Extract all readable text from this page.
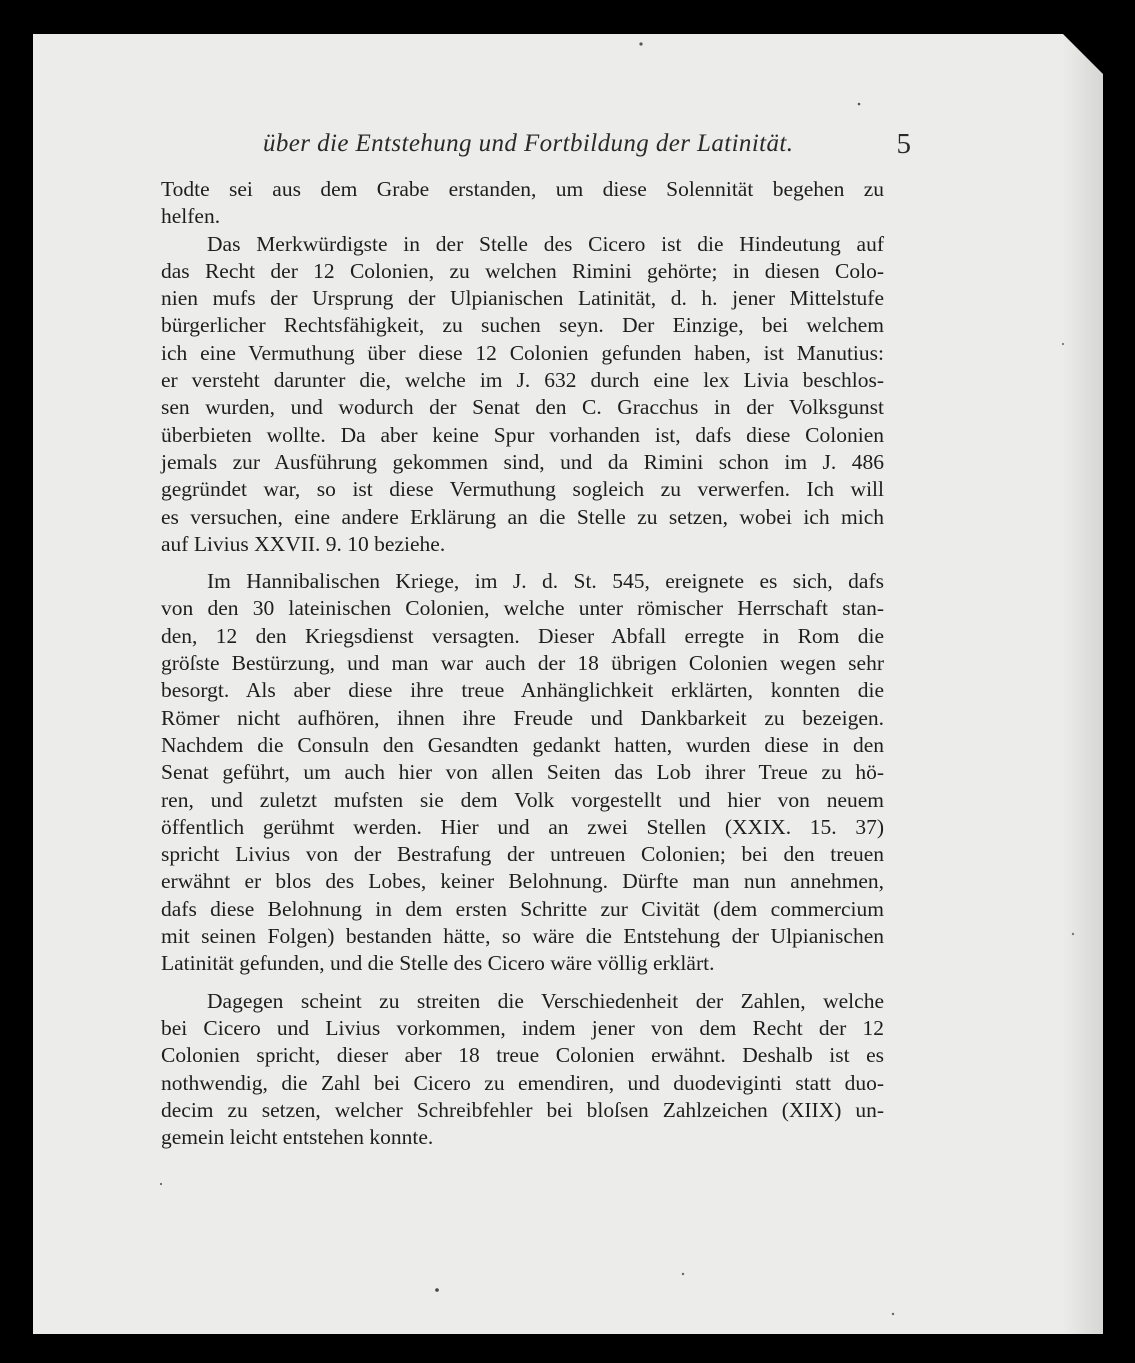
über die Entstehung und Fortbildung der Latinität.	5
Todte sei aus dem Grabe erstanden, um diese Solennität begehen zu
helfen.
Das Merkwürdigste in der Stelle des Cicero ist die Hindeutung auf
das Recht der 12 Colonien, zu welchen Rimini gehörte; in diesen Colo-
nien mufs der Ursprung der Ulpianischen Latinität, d. h. jener Mittelstufe
bürgerlicher Rechtsfähigkeit, zu suchen seyn. Der Einzige, bei welchem
ich eine Vermuthung über diese 12 Colonien gefunden haben, ist Manutius:
er versteht darunter die, welche im J. 632 durch eine lex Livia beschlos-
sen wurden, und wodurch der Senat den C. Gracchus in der Volksgunst
überbieten wollte. Da aber keine Spur vorhanden ist, dafs diese Colonien
jemals zur Ausführung gekommen sind, und da Rimini schon im J. 486
gegründet war, so ist diese Vermuthung sogleich zu verwerfen. Ich will
es versuchen, eine andere Erklärung an die Stelle zu setzen, wobei ich mich
auf Livius XXVII. 9. 10 beziehe.
Im Hannibalischen Kriege, im J. d. St. 545, ereignete es sich, dafs
von den 30 lateinischen Colonien, welche unter römischer Herrschaft stan-
den, 12 den Kriegsdienst versagten. Dieser Abfall erregte in Rom die
gröſste Bestürzung, und man war auch der 18 übrigen Colonien wegen sehr
besorgt. Als aber diese ihre treue Anhänglichkeit erklärten, konnten die
Römer nicht aufhören, ihnen ihre Freude und Dankbarkeit zu bezeigen.
Nachdem die Consuln den Gesandten gedankt hatten, wurden diese in den
Senat geführt, um auch hier von allen Seiten das Lob ihrer Treue zu hö-
ren, und zuletzt mufsten sie dem Volk vorgestellt und hier von neuem
öffentlich gerühmt werden. Hier und an zwei Stellen (XXIX. 15. 37)
spricht Livius von der Bestrafung der untreuen Colonien; bei den treuen
erwähnt er blos des Lobes, keiner Belohnung. Dürfte man nun annehmen,
dafs diese Belohnung in dem ersten Schritte zur Civität (dem commercium
mit seinen Folgen) bestanden hätte, so wäre die Entstehung der Ulpianischen
Latinität gefunden, und die Stelle des Cicero wäre völlig erklärt.
Dagegen scheint zu streiten die Verschiedenheit der Zahlen, welche
bei Cicero und Livius vorkommen, indem jener von dem Recht der 12
Colonien spricht, dieser aber 18 treue Colonien erwähnt. Deshalb ist es
nothwendig, die Zahl bei Cicero zu emendiren, und duodeviginti statt duo-
decim zu setzen, welcher Schreibfehler bei bloſsen Zahlzeichen (XIIX) un-
gemein leicht entstehen konnte.
